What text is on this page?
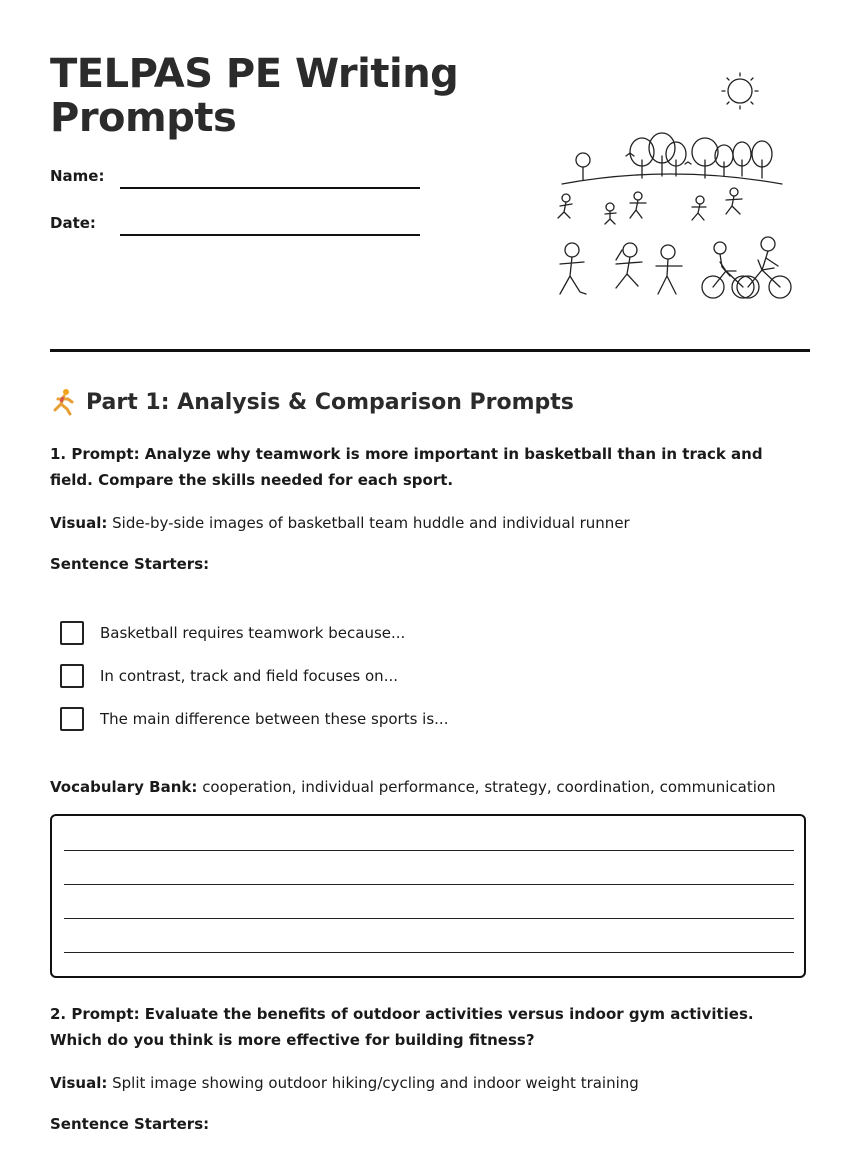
TELPAS PE Writing Prompts
Name:
Date:
Part 1: Analysis & Comparison Prompts

1. Prompt: Analyze why teamwork is more important in basketball than in track and field. Compare the skills needed for each sport.

Visual: Side-by-side images of basketball team huddle and individual runner

Sentence Starters:

Basketball requires teamwork because...
In contrast, track and field focuses on...
The main difference between these sports is...

Vocabulary Bank: cooperation, individual performance, strategy, coordination, communication

2. Prompt: Evaluate the benefits of outdoor activities versus indoor gym activities. Which do you think is more effective for building fitness?

Visual: Split image showing outdoor hiking/cycling and indoor weight training

Sentence Starters:
